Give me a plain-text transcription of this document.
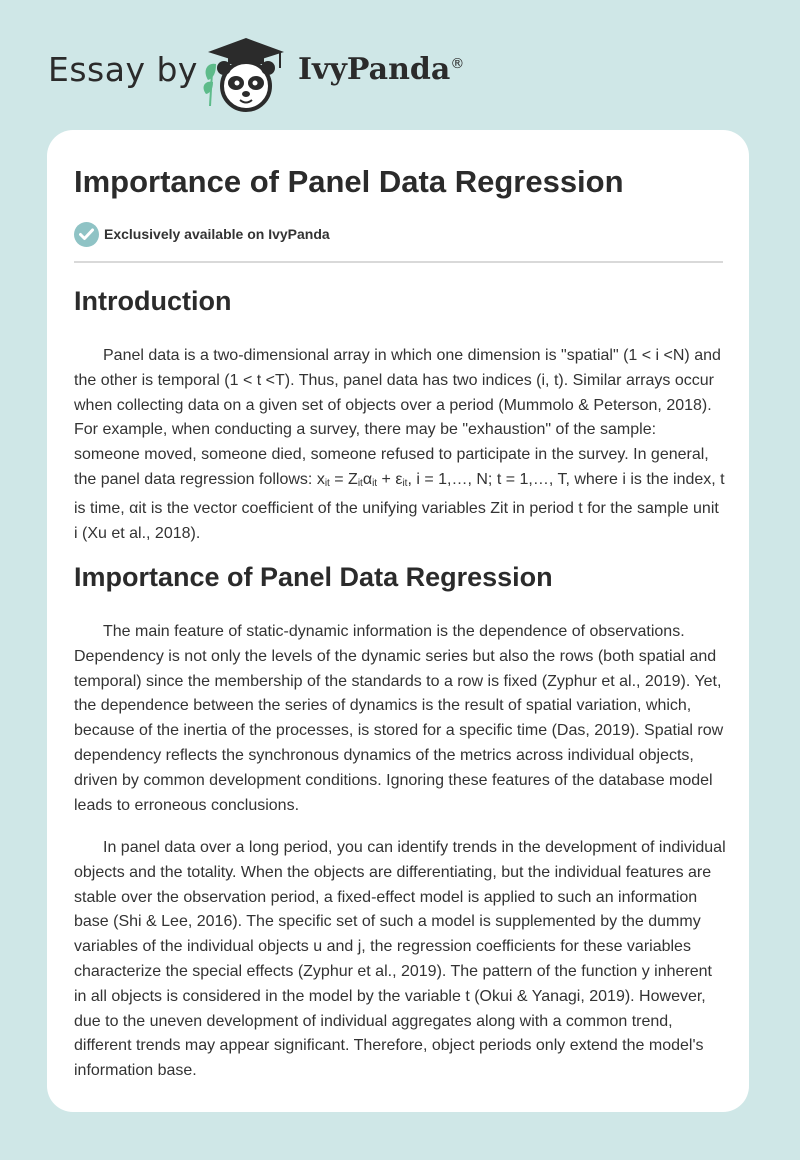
Essay by	IvyPanda®
Importance of Panel Data Regression
Exclusively available on IvyPanda
Introduction

Panel data is a two-dimensional array in which one dimension is "spatial" (1 < i <N) and the other is temporal (1 < t <T). Thus, panel data has two indices (i, t). Similar arrays occur when collecting data on a given set of objects over a period (Mummolo & Peterson, 2018). For example, when conducting a survey, there may be "exhaustion" of the sample: someone moved, someone died, someone refused to participate in the survey. In general, the panel data regression follows: $x_{it} = Z_{it}\alpha_{it} + \varepsilon_{it}$, i = 1,…, N; t = 1,…, T, where i is the index, t is time, αit is the vector coefficient of the unifying variables Zit in period t for the sample unit i (Xu et al., 2018).

Importance of Panel Data Regression

The main feature of static-dynamic information is the dependence of observations. Dependency is not only the levels of the dynamic series but also the rows (both spatial and temporal) since the membership of the standards to a row is fixed (Zyphur et al., 2019). Yet, the dependence between the series of dynamics is the result of spatial variation, which, because of the inertia of the processes, is stored for a specific time (Das, 2019). Spatial row dependency reflects the synchronous dynamics of the metrics across individual objects, driven by common development conditions. Ignoring these features of the database model leads to erroneous conclusions.

In panel data over a long period, you can identify trends in the development of individual objects and the totality. When the objects are differentiating, but the individual features are stable over the observation period, a fixed-effect model is applied to such an information base (Shi & Lee, 2016). The specific set of such a model is supplemented by the dummy variables of the individual objects u and j, the regression coefficients for these variables characterize the special effects (Zyphur et al., 2019). The pattern of the function y inherent in all objects is considered in the model by the variable t (Okui & Yanagi, 2019). However, due to the uneven development of individual aggregates along with a common trend, different trends may appear significant. Therefore, object periods only extend the model's information base.
